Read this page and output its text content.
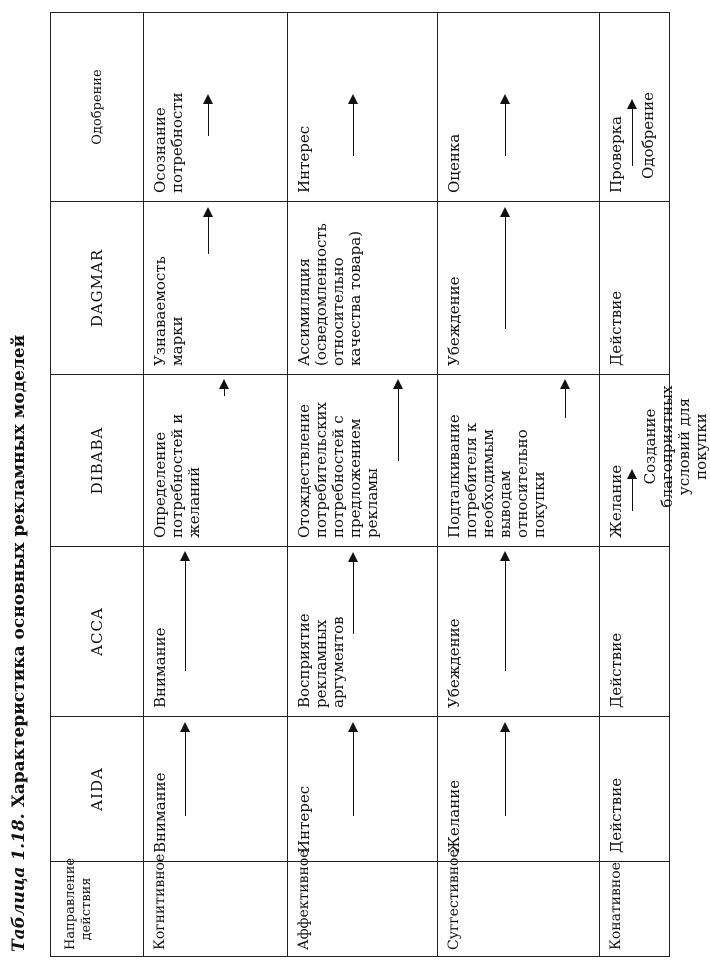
Таблица 1.18. Характеристика основных рекламных моделей
Направление действия
AIDA
ACCA
DIBABA
DAGMAR
Одобрение
Когнитивное
Внимание
Внимание
Определение потребностей и желаний
Узнаваемость марки
Осознание потребности
Аффективное
Интерес
Восприятие рекламных аргументов
Отождествление потребительских потребностей с предложением рекламы
Ассимиляция (осведомленность относительно качества товара)
Интерес
Суггестивное
Желание
Убеждение
Подталкивание потребителя к необходимым выводам относительно покупки
Убеждение
Оценка
Конативное
Действие
Действие
Желание
Создание благоприятных условий для покупки
Действие
Проверка Одобрение
